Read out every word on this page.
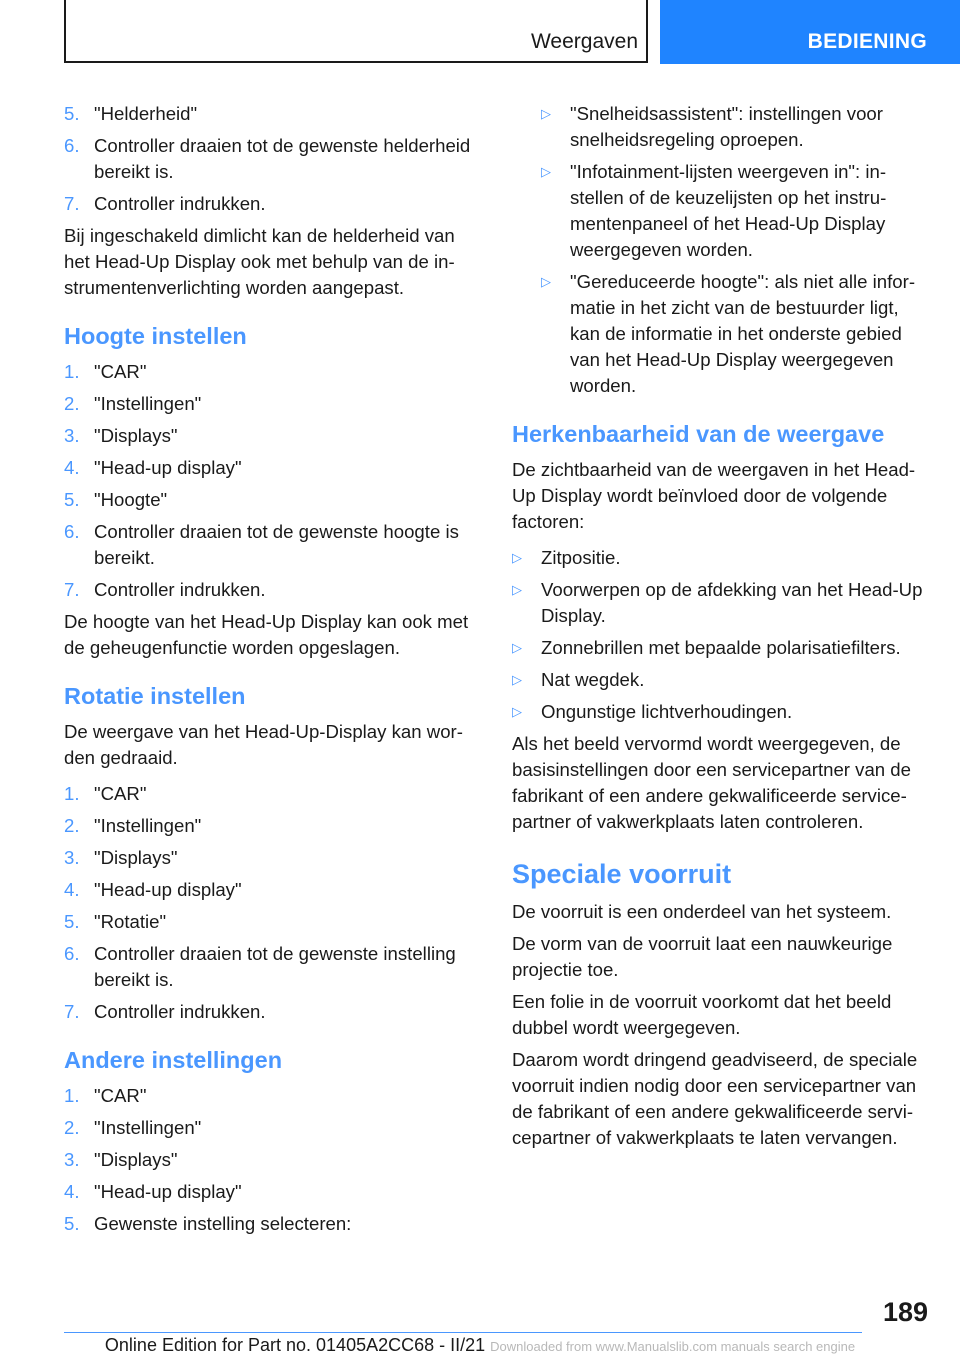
Weergaven	BEDIENING
5. "Helderheid"
6. Controller draaien tot de gewenste helderheid bereikt is.
7. Controller indrukken.

Bij ingeschakeld dimlicht kan de helderheid van het Head-Up Display ook met behulp van de instrumentenverlichting worden aangepast.

Hoogte instellen
1. "CAR"
2. "Instellingen"
3. "Displays"
4. "Head-up display"
5. "Hoogte"
6. Controller draaien tot de gewenste hoogte is bereikt.
7. Controller indrukken.

De hoogte van het Head-Up Display kan ook met de geheugenfunctie worden opgeslagen.

Rotatie instellen

De weergave van het Head-Up-Display kan worden gedraaid.

1. "CAR"
2. "Instellingen"
3. "Displays"
4. "Head-up display"
5. "Rotatie"
6. Controller draaien tot de gewenste instelling bereikt is.
7. Controller indrukken.
Andere instellingen
1. "CAR"
2. "Instellingen"
3. "Displays"
4. "Head-up display"
5. Gewenste instelling selecteren:
▷ "Snelheidsassistent": instellingen voor snelheidsregeling oproepen.
▷ "Infotainment-lijsten weergeven in": instellen of de keuzelijsten op het instrumentenpaneel of het Head-Up Display weergegeven worden.
▷ "Gereduceerde hoogte": als niet alle informatie in het zicht van de bestuurder ligt, kan de informatie in het onderste gebied van het Head-Up Display weergegeven worden.
Herkenbaarheid van de weergave

De zichtbaarheid van de weergaven in het Head-Up Display wordt beïnvloed door de volgende factoren:

▷ Zitpositie.
▷ Voorwerpen op de afdekking van het Head-Up Display.
▷ Zonnebrillen met bepaalde polarisatiefilters.
▷ Nat wegdek.
▷ Ongunstige lichtverhoudingen.

Als het beeld vervormd wordt weergegeven, de basisinstellingen door een servicepartner van de fabrikant of een andere gekwalificeerde servicepartner of vakwerkplaats laten controleren.

Speciale voorruit

De voorruit is een onderdeel van het systeem.

De vorm van de voorruit laat een nauwkeurige projectie toe.

Een folie in de voorruit voorkomt dat het beeld dubbel wordt weergegeven.

Daarom wordt dringend geadviseerd, de speciale voorruit indien nodig door een servicepartner van de fabrikant of een andere gekwalificeerde servicepartner of vakwerkplaats te laten vervangen.

189
Online Edition for Part no. 01405A2CC68 - II/21 Downloaded from www.Manualslib.com manuals search engine
